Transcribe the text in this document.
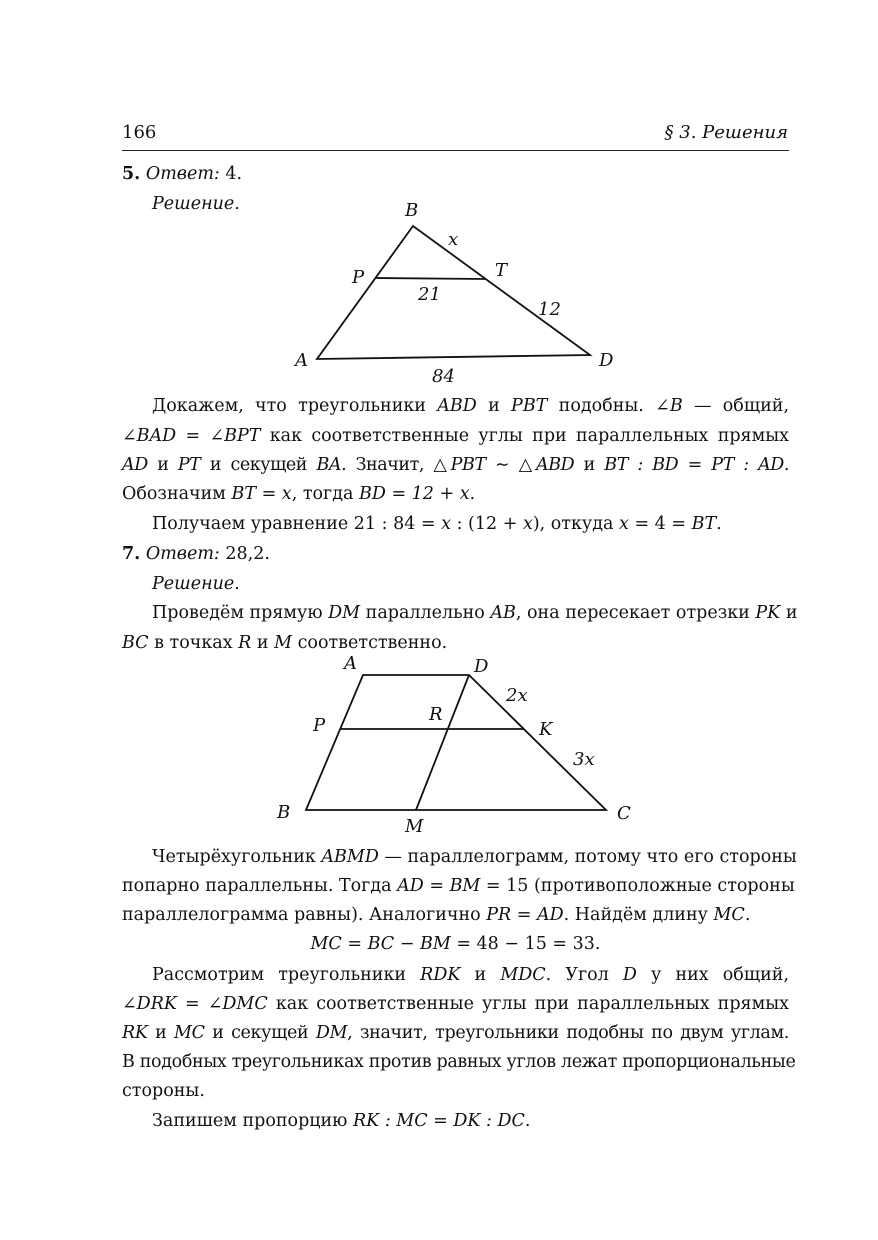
166	§ 3. Решения
5. Ответ: 4.
Решение.	B
P	T
A	D
x
21
12
84
Докажем, что треугольники ABD и PBT подобны. ∠B — общий,
∠BAD = ∠BPT как соответственные углы при параллельных прямых
AD и PT и секущей BA. Значит, △PBT ∼ △ABD и BT : BD = PT : AD.
Обозначим BT = x, тогда BD = 12 + x.
Получаем уравнение 21 : 84 = x : (12 + x), откуда x = 4 = BT.
7. Ответ: 28,2.
Решение.
Проведём прямую DM параллельно AB, она пересекает отрезки PK и
BC в точках R и M соответственно.
A	D
P
R
K
B
M
C
2x
3x
Четырёхугольник ABMD — параллелограмм, потому что его стороны
попарно параллельны. Тогда AD = BM = 15 (противоположные стороны
параллелограмма равны). Аналогично PR = AD. Найдём длину MC.
MC = BC − BM = 48 − 15 = 33.
Рассмотрим треугольники RDK и MDC. Угол D у них общий,
∠DRK = ∠DMC как соответственные углы при параллельных прямых
RK и MC и секущей DM, значит, треугольники подобны по двум углам.
В подобных треугольниках против равных углов лежат пропорциональные
стороны.
Запишем пропорцию RK : MC = DK : DC.
